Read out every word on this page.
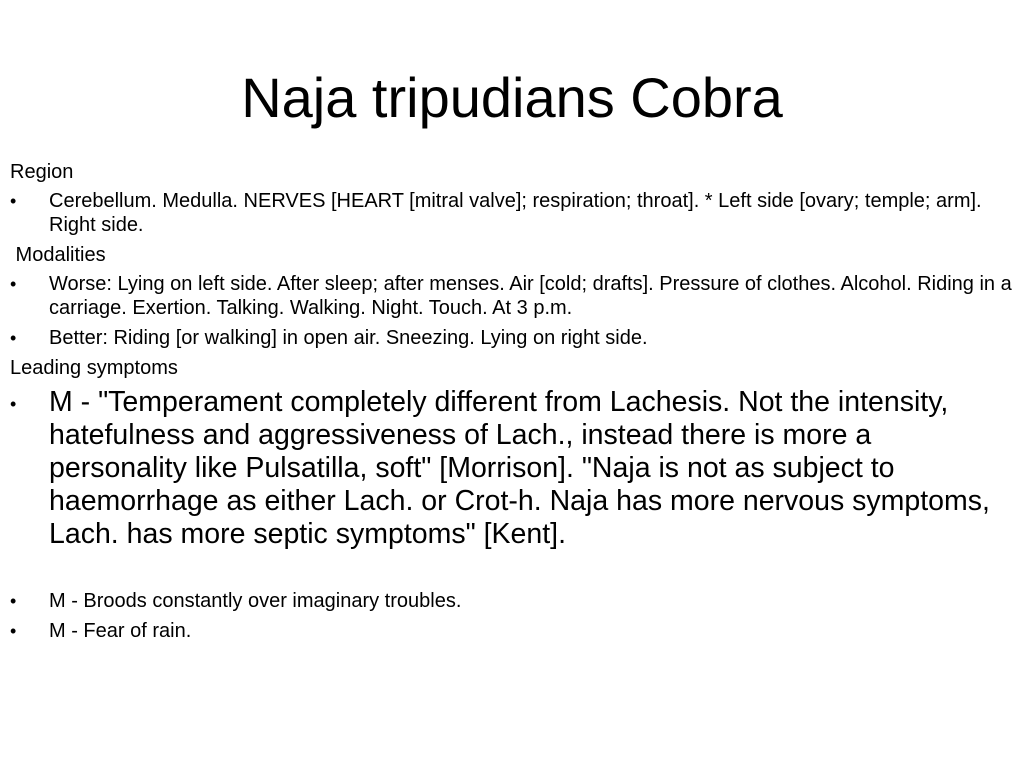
Naja tripudians Cobra

Region

• Cerebellum. Medulla. NERVES [HEART [mitral valve]; respiration; throat]. * Left side [ovary; temple; arm]. Right side.

Modalities

• Worse: Lying on left side. After sleep; after menses. Air [cold; drafts]. Pressure of clothes. Alcohol. Riding in a carriage. Exertion. Talking. Walking. Night. Touch. At 3 p.m.

• Better: Riding [or walking] in open air. Sneezing. Lying on right side.

Leading symptoms

• M - "Temperament completely different from Lachesis. Not the intensity, hatefulness and aggressiveness of Lach., instead there is more a personality like Pulsatilla, soft" [Morrison]. "Naja is not as subject to haemorrhage as either Lach. or Crot-h. Naja has more nervous symptoms, Lach. has more septic symptoms" [Kent].

• M - Broods constantly over imaginary troubles.

• M - Fear of rain.
